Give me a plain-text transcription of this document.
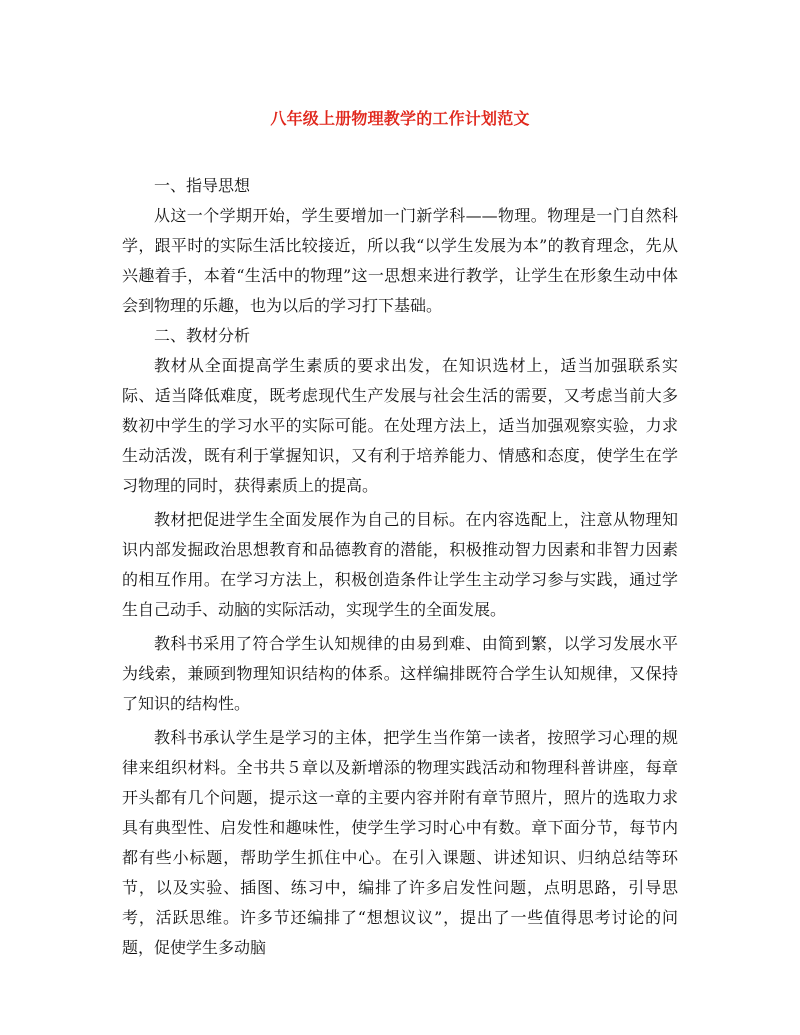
八年级上册物理教学的工作计划范文

一、指导思想

从这一个学期开始，学生要增加一门新学科——物理。物理是一门自然科学，跟平时的实际生活比较接近，所以我“以学生发展为本”的教育理念，先从兴趣着手，本着“生活中的物理”这一思想来进行教学，让学生在形象生动中体会到物理的乐趣，也为以后的学习打下基础。

二、教材分析

教材从全面提高学生素质的要求出发，在知识选材上，适当加强联系实际、适当降低难度，既考虑现代生产发展与社会生活的需要，又考虑当前大多数初中学生的学习水平的实际可能。在处理方法上，适当加强观察实验，力求生动活泼，既有利于掌握知识，又有利于培养能力、情感和态度，使学生在学习物理的同时，获得素质上的提高。

教材把促进学生全面发展作为自己的目标。在内容选配上，注意从物理知识内部发掘政治思想教育和品德教育的潜能，积极推动智力因素和非智力因素的相互作用。在学习方法上，积极创造条件让学生主动学习参与实践，通过学生自己动手、动脑的实际活动，实现学生的全面发展。

教科书采用了符合学生认知规律的由易到难、由简到繁，以学习发展水平为线索，兼顾到物理知识结构的体系。这样编排既符合学生认知规律，又保持了知识的结构性。

教科书承认学生是学习的主体，把学生当作第一读者，按照学习心理的规律来组织材料。全书共５章以及新增添的物理实践活动和物理科普讲座，每章开头都有几个问题，提示这一章的主要内容并附有章节照片，照片的选取力求具有典型性、启发性和趣味性，使学生学习时心中有数。章下面分节，每节内都有些小标题，帮助学生抓住中心。在引入课题、讲述知识、归纳总结等环节，以及实验、插图、练习中，编排了许多启发性问题，点明思路，引导思考，活跃思维。许多节还编排了“想想议议”，提出了一些值得思考讨论的问题，促使学生多动脑
